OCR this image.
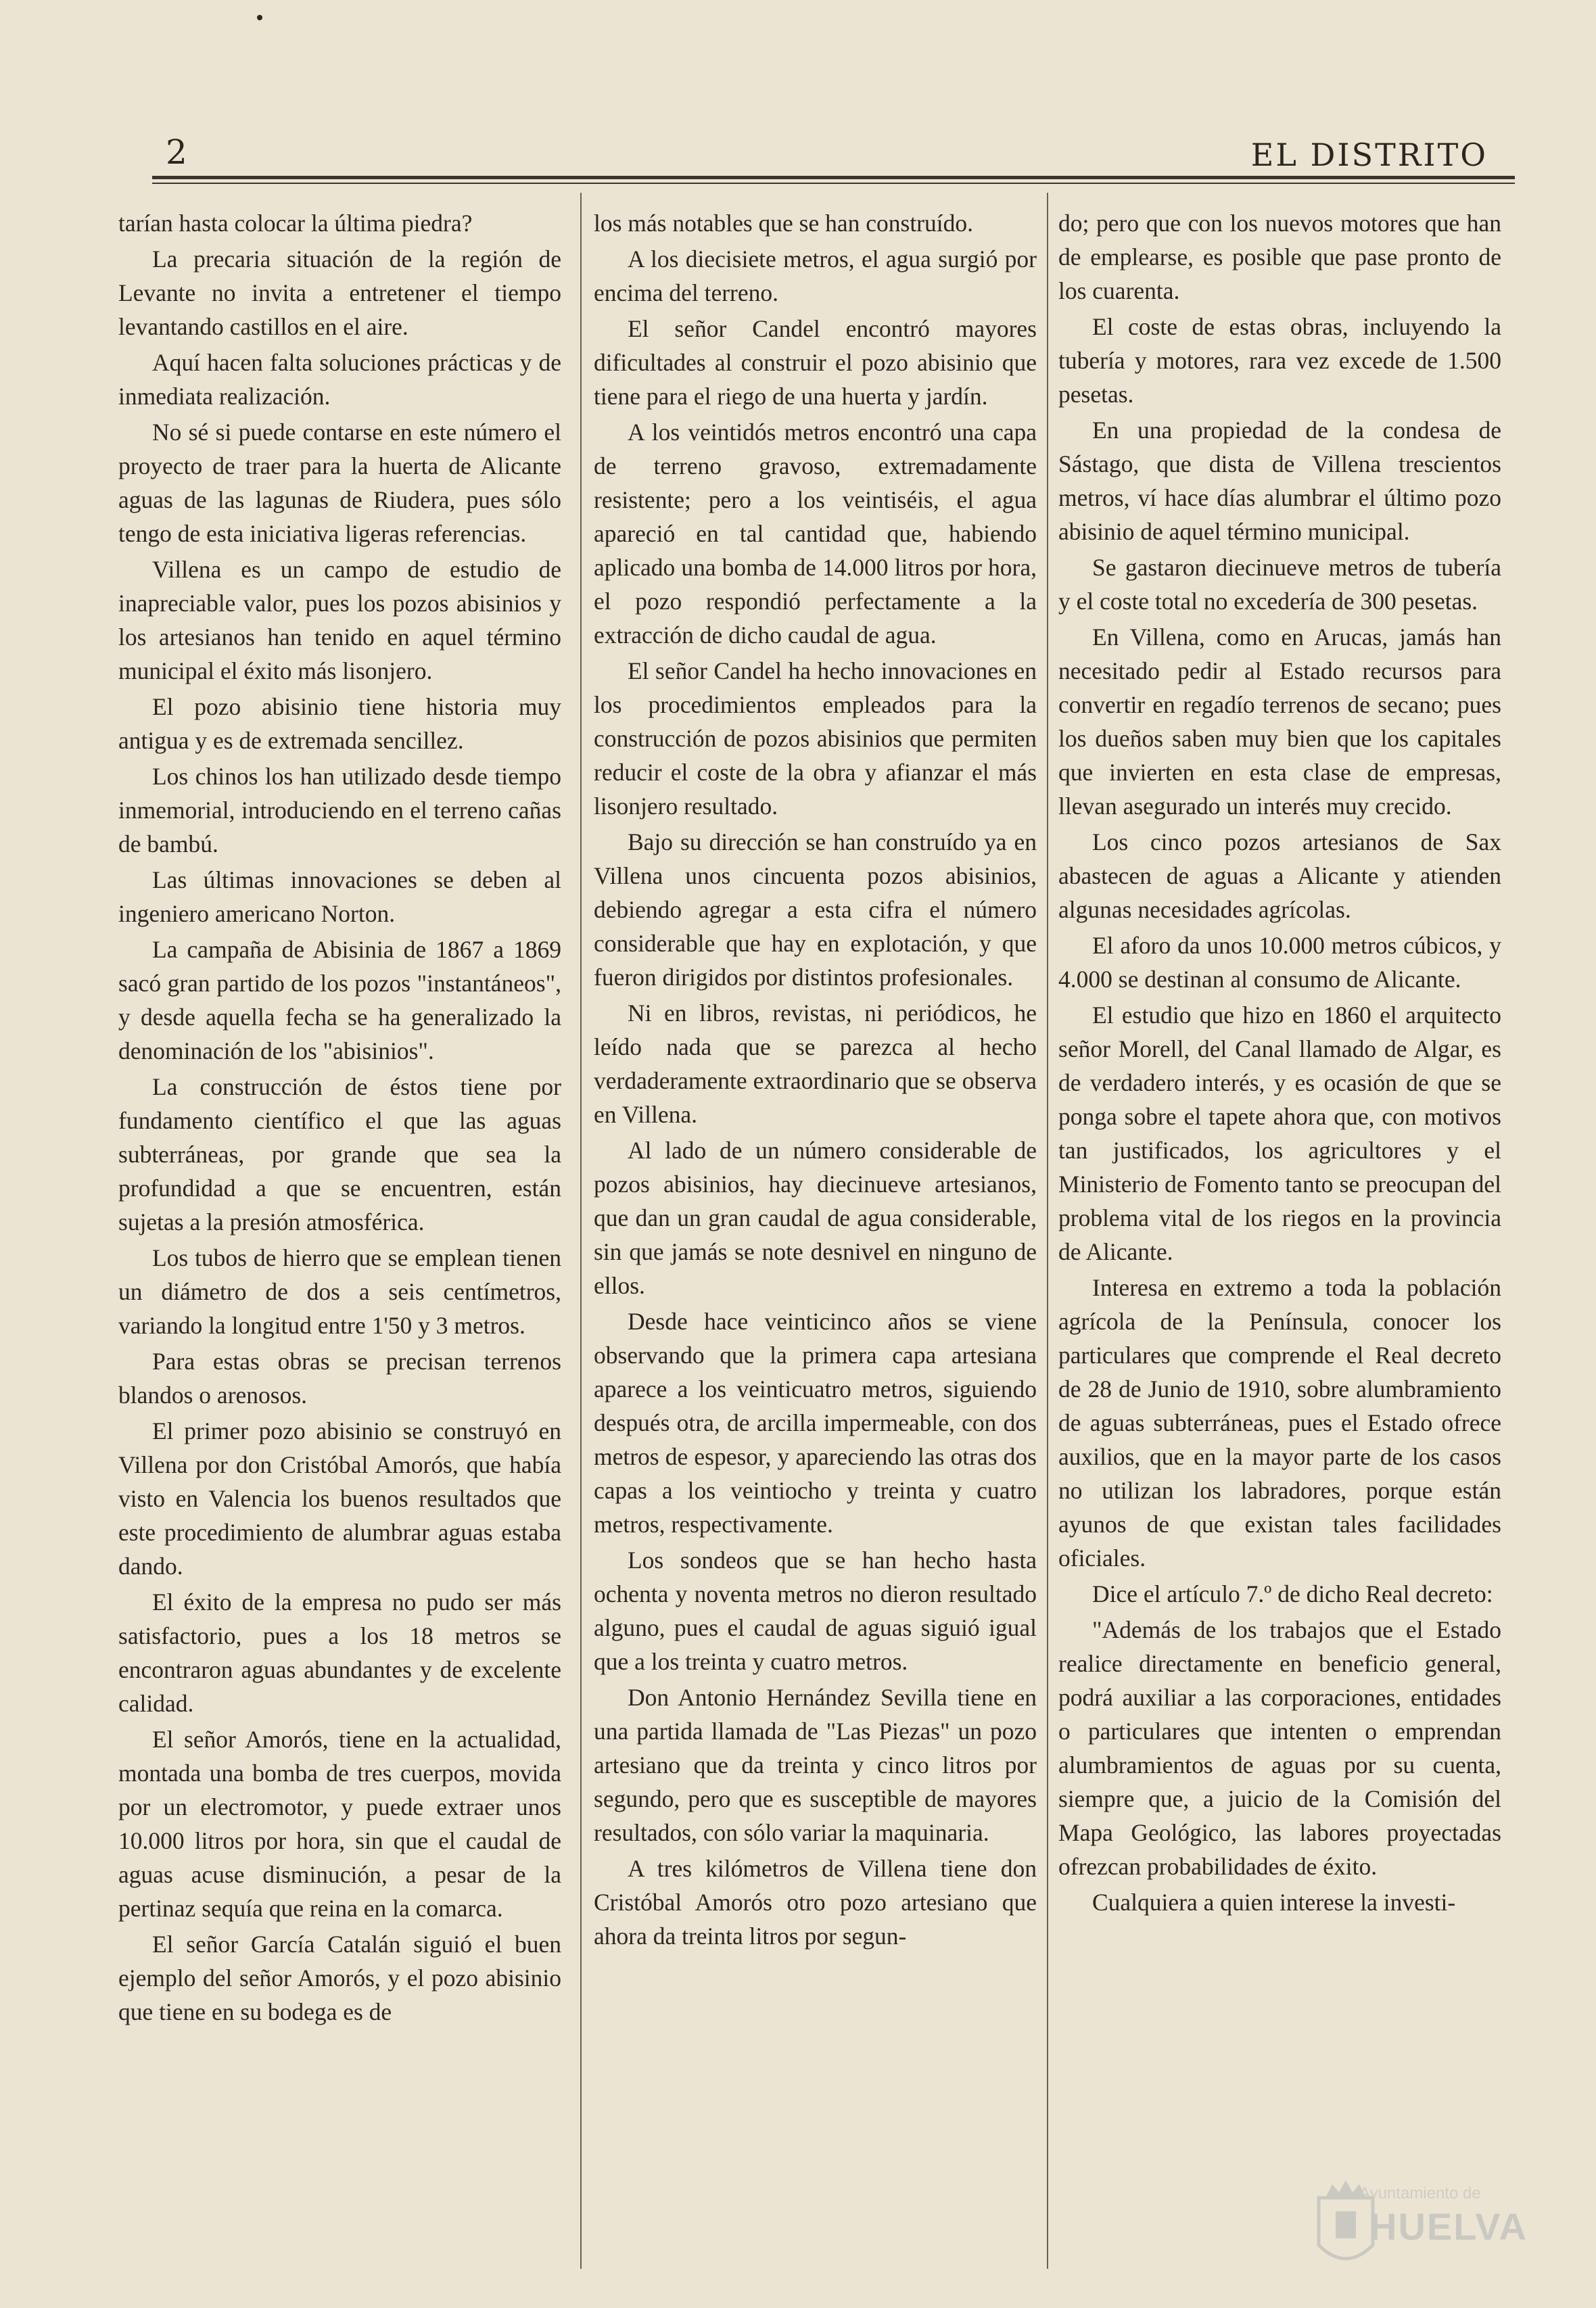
2	EL DISTRITO

tarían hasta colocar la última piedra?

La precaria situación de la región de Levante no invita a entretener el tiempo levantando castillos en el aire.

Aquí hacen falta soluciones prácticas y de inmediata realización.

No sé si puede contarse en este número el proyecto de traer para la huerta de Alicante aguas de las lagunas de Riudera, pues sólo tengo de esta iniciativa ligeras referencias.

Villena es un campo de estudio de inapreciable valor, pues los pozos abisinios y los artesianos han tenido en aquel término municipal el éxito más lisonjero.

El pozo abisinio tiene historia muy antigua y es de extremada sencillez.

Los chinos los han utilizado desde tiempo inmemorial, introduciendo en el terreno cañas de bambú.

Las últimas innovaciones se deben al ingeniero americano Norton.

La campaña de Abisinia de 1867 a 1869 sacó gran partido de los pozos "instantáneos", y desde aquella fecha se ha generalizado la denominación de los "abisinios".

La construcción de éstos tiene por fundamento científico el que las aguas subterráneas, por grande que sea la profundidad a que se encuentren, están sujetas a la presión atmosférica.

Los tubos de hierro que se emplean tienen un diámetro de dos a seis centímetros, variando la longitud entre 1'50 y 3 metros.

Para estas obras se precisan terrenos blandos o arenosos.

El primer pozo abisinio se construyó en Villena por don Cristóbal Amorós, que había visto en Valencia los buenos resultados que este procedimiento de alumbrar aguas estaba dando.

El éxito de la empresa no pudo ser más satisfactorio, pues a los 18 metros se encontraron aguas abundantes y de excelente calidad.

El señor Amorós, tiene en la actualidad, montada una bomba de tres cuerpos, movida por un electromotor, y puede extraer unos 10.000 litros por hora, sin que el caudal de aguas acuse disminución, a pesar de la pertinaz sequía que reina en la comarca.

El señor García Catalán siguió el buen ejemplo del señor Amorós, y el pozo abisinio que tiene en su bodega es de

los más notables que se han construído.

A los diecisiete metros, el agua surgió por encima del terreno.

El señor Candel encontró mayores dificultades al construir el pozo abisinio que tiene para el riego de una huerta y jardín.

A los veintidós metros encontró una capa de terreno gravoso, extremadamente resistente; pero a los veintiséis, el agua apareció en tal cantidad que, habiendo aplicado una bomba de 14.000 litros por hora, el pozo respondió perfectamente a la extracción de dicho caudal de agua.

El señor Candel ha hecho innovaciones en los procedimientos empleados para la construcción de pozos abisinios que permiten reducir el coste de la obra y afianzar el más lisonjero resultado.

Bajo su dirección se han construído ya en Villena unos cincuenta pozos abisinios, debiendo agregar a esta cifra el número considerable que hay en explotación, y que fueron dirigidos por distintos profesionales.

Ni en libros, revistas, ni periódicos, he leído nada que se parezca al hecho verdaderamente extraordinario que se observa en Villena.

Al lado de un número considerable de pozos abisinios, hay diecinueve artesianos, que dan un gran caudal de agua considerable, sin que jamás se note desnivel en ninguno de ellos.

Desde hace veinticinco años se viene observando que la primera capa artesiana aparece a los veinticuatro metros, siguiendo después otra, de arcilla impermeable, con dos metros de espesor, y apareciendo las otras dos capas a los veintiocho y treinta y cuatro metros, respectivamente.

Los sondeos que se han hecho hasta ochenta y noventa metros no dieron resultado alguno, pues el caudal de aguas siguió igual que a los treinta y cuatro metros.

Don Antonio Hernández Sevilla tiene en una partida llamada de "Las Piezas" un pozo artesiano que da treinta y cinco litros por segundo, pero que es susceptible de mayores resultados, con sólo variar la maquinaria.

A tres kilómetros de Villena tiene don Cristóbal Amorós otro pozo artesiano que ahora da treinta litros por segun-

do; pero que con los nuevos motores que han de emplearse, es posible que pase pronto de los cuarenta.

El coste de estas obras, incluyendo la tubería y motores, rara vez excede de 1.500 pesetas.

En una propiedad de la condesa de Sástago, que dista de Villena trescientos metros, ví hace días alumbrar el último pozo abisinio de aquel término municipal.

Se gastaron diecinueve metros de tubería y el coste total no excedería de 300 pesetas.

En Villena, como en Arucas, jamás han necesitado pedir al Estado recursos para convertir en regadío terrenos de secano; pues los dueños saben muy bien que los capitales que invierten en esta clase de empresas, llevan asegurado un interés muy crecido.

Los cinco pozos artesianos de Sax abastecen de aguas a Alicante y atienden algunas necesidades agrícolas.

El aforo da unos 10.000 metros cúbicos, y 4.000 se destinan al consumo de Alicante.

El estudio que hizo en 1860 el arquitecto señor Morell, del Canal llamado de Algar, es de verdadero interés, y es ocasión de que se ponga sobre el tapete ahora que, con motivos tan justificados, los agricultores y el Ministerio de Fomento tanto se preocupan del problema vital de los riegos en la provincia de Alicante.

Interesa en extremo a toda la población agrícola de la Península, conocer los particulares que comprende el Real decreto de 28 de Junio de 1910, sobre alumbramiento de aguas subterráneas, pues el Estado ofrece auxilios, que en la mayor parte de los casos no utilizan los labradores, porque están ayunos de que existan tales facilidades oficiales.

Dice el artículo 7.º de dicho Real decreto:

"Además de los trabajos que el Estado realice directamente en beneficio general, podrá auxiliar a las corporaciones, entidades o particulares que intenten o emprendan alumbramientos de aguas por su cuenta, siempre que, a juicio de la Comisión del Mapa Geológico, las labores proyectadas ofrezcan probabilidades de éxito.

Cualquiera a quien interese la investi-

Ayuntamiento de
HUELVA
